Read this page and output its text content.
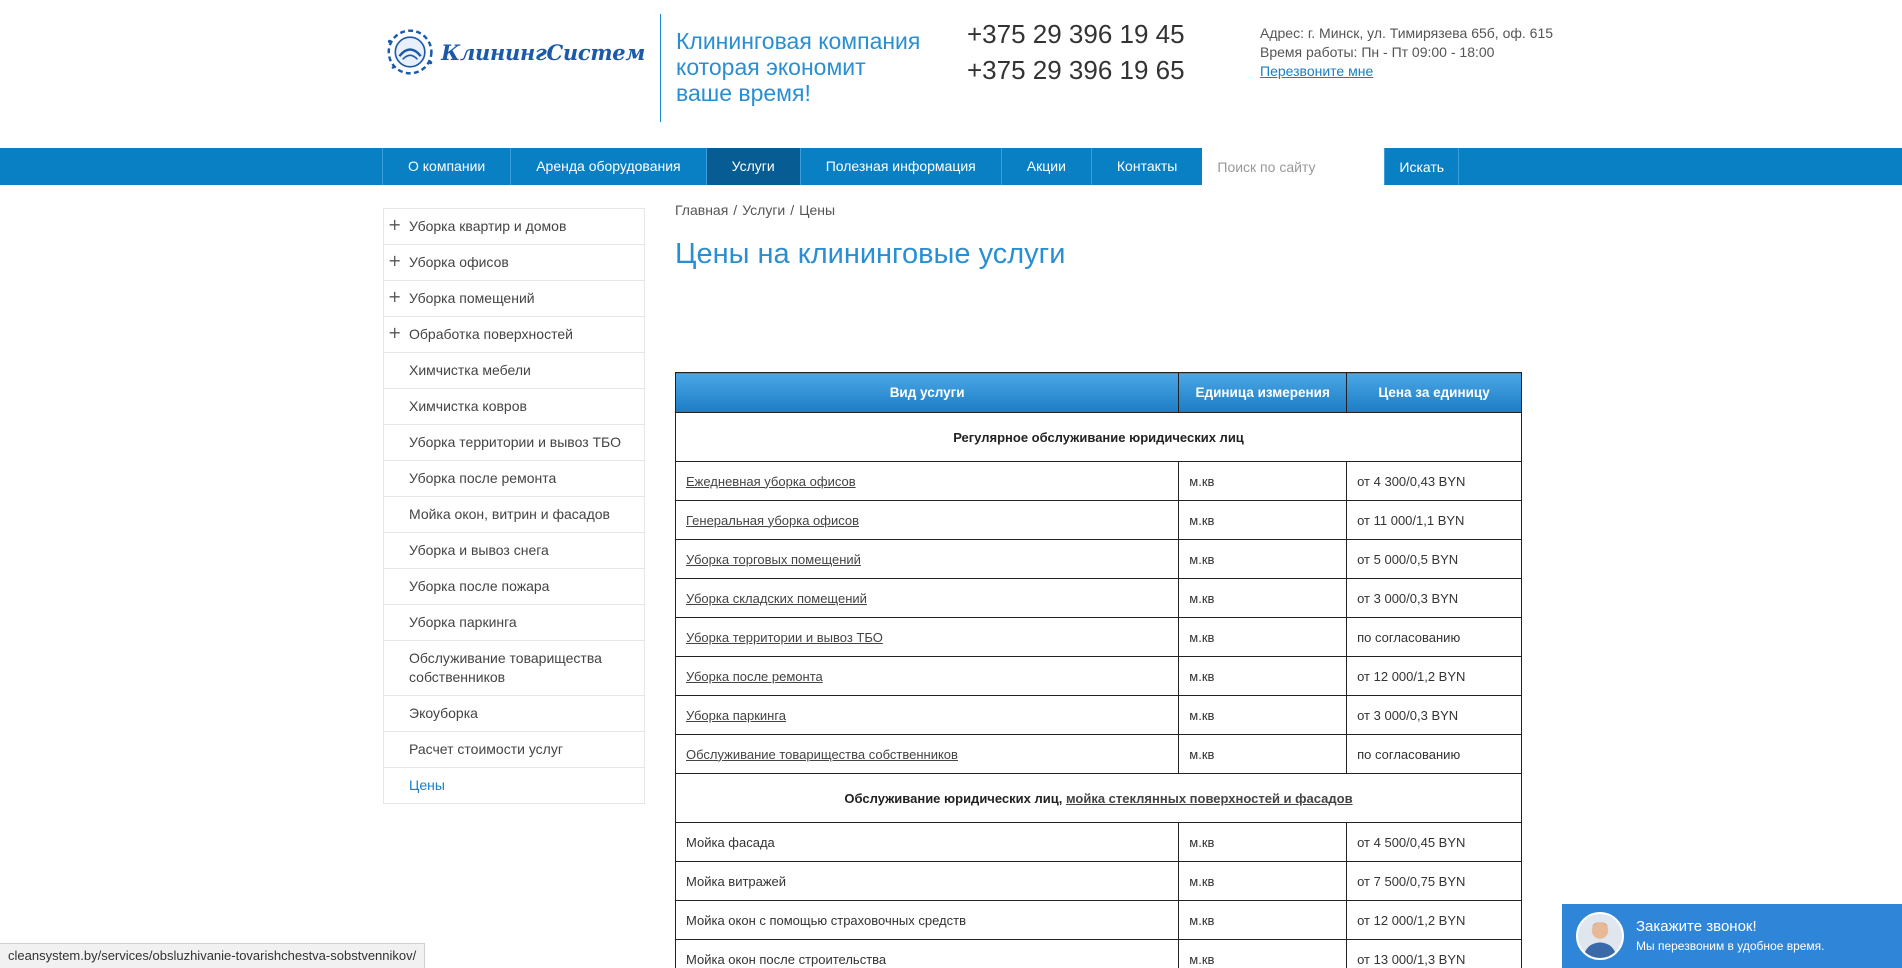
КлинингСистем Клининговая компания
которая экономит
ваше время!
+375 29 396 19 45
+375 29 396 19 65
Адрес: г. Минск, ул. Тимирязева 65б, оф. 615
Время работы: Пн - Пт 09:00 - 18:00
Перезвоните мне
О компании	Аренда оборудования	Услуги	Полезная информация	Акции	Контакты
Поиск по сайту	Искать
+ Уборка квартир и домов
+ Уборка офисов
+ Уборка помещений
+ Обработка поверхностей
Химчистка мебели
Химчистка ковров
Уборка территории и вывоз ТБО
Уборка после ремонта
Мойка окон, витрин и фасадов
Уборка и вывоз снега
Уборка после пожара
Уборка паркинга
Обслуживание товарищества собственников
Экоуборка
Расчет стоимости услуг
Цены
Главная / Услуги / Цены
Цены на клининговые услуги
Вид услуги	Единица измерения	Цена за единицу
Регулярное обслуживание юридических лиц		
Ежедневная уборка офисов	м.кв	от 4 300/0,43 BYN
Генеральная уборка офисов	м.кв	от 11 000/1,1 BYN
Уборка торговых помещений	м.кв	от 5 000/0,5 BYN
Уборка складских помещений	м.кв	от 3 000/0,3 BYN
Уборка территории и вывоз ТБО	м.кв	по согласованию
Уборка после ремонта	м.кв	от 12 000/1,2 BYN
Уборка паркинга	м.кв	от 3 000/0,3 BYN
Обслуживание товарищества собственников	м.кв	по согласованию
Обслуживание юридических лиц, мойка стеклянных поверхностей и фасадов		
Мойка фасада	м.кв	от 4 500/0,45 BYN
Мойка витражей	м.кв	от 7 500/0,75 BYN
Мойка окон с помощью страховочных средств	м.кв	от 12 000/1,2 BYN
Мойка окон после строительства	м.кв	от 13 000/1,3 BYN
cleansystem.by/services/obsluzhivanie-tovarishchestva-sobstvennikov/
Закажите звонок!
Мы перезвоним в удобное время.
